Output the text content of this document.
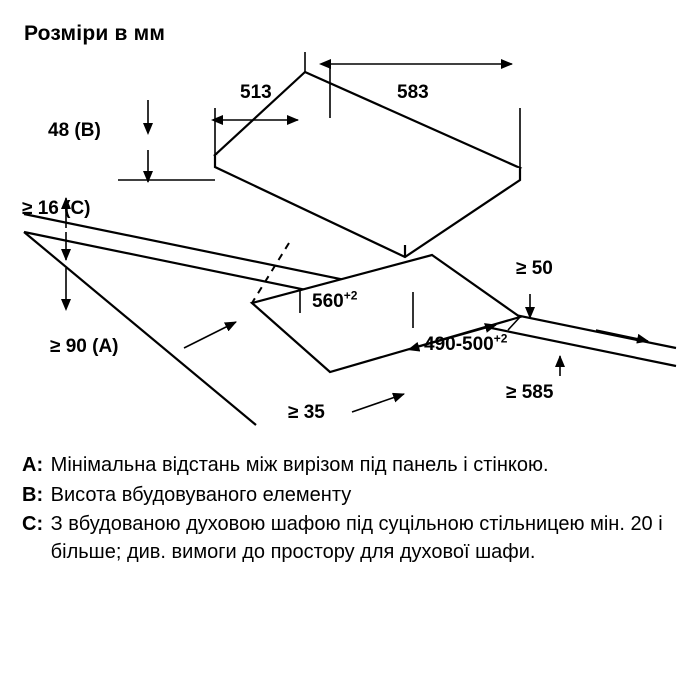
Розміри в мм
513	583
48 (B)
≥ 16 (C)
$560^{+2}$
$490-500^{+2}$
≥ 90 (A)
≥ 50
≥ 35
≥ 585
A : Мінімальна відстань між вирізом під панель і стінкою.
B : Висота вбудовуваного елементу
C : З вбудованою духовою шафою під суцільною стільницею мін. 20 і більше; див. вимоги до простору для духової шафи.
